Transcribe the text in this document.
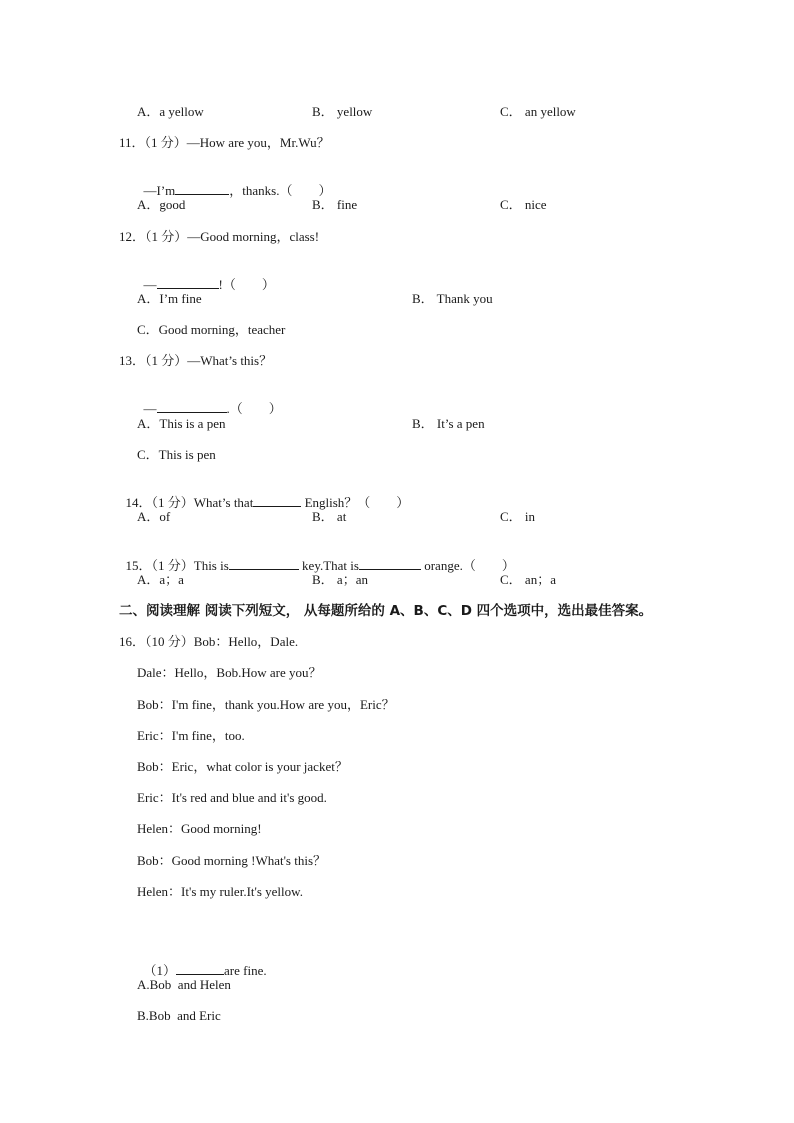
A．a yellow	B． yellow	C． an yellow
11．（1 分）—How are you，Mr.Wu？

—I’m	，thanks.（　　）

A．good	B． fine	C． nice
12．（1 分）—Good morning，class!

—	!（　　）

A．I’m fine	B． Thank you
C．Good morning，teacher
13．（1 分）—What’s this？

—	.（　　）

A．This is a pen	B． It’s a pen
C．This is pen

14．（1 分）What’s that	English？（　　）

A．of	B． at	C． in

15．（1 分）This is	key.That is	orange.（　　）

A．a；a	B． a；an	C． an；a
二、阅读理解 阅读下列短文， 从每题所给的 A、B、C、D 四个选项中，选出最佳答案。
16．（10 分）Bob：Hello，Dale.
Dale：Hello，Bob.How are you？
Bob：I'm fine，thank you.How are you，Eric？
Eric：I'm fine，too.
Bob：Eric，what color is your jacket？
Eric：It's red and blue and it's good.
Helen：Good morning!
Bob：Good morning !What's this？
Helen：It's my ruler.It's yellow.

（1）	are fine.

A.Bob  and Helen
B.Bob  and Eric
